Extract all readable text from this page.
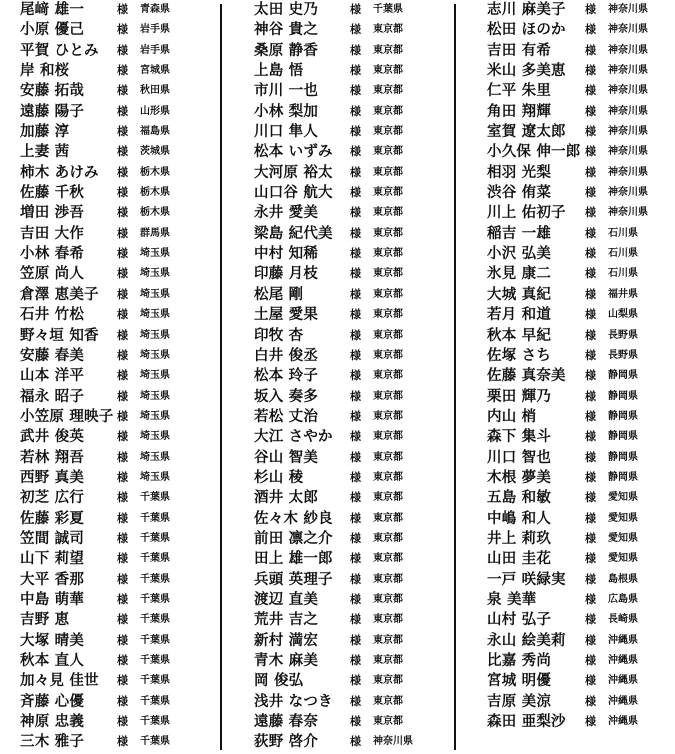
尾﨑 雄一	様 青森県
小原 優己	様 岩手県
平賀 ひとみ 様 岩手県
岸 和桜	様 宮城県
安藤 拓哉	様 秋田県
遠藤 陽子	様 山形県
加藤 淳	様 福島県
上妻 茜	様 茨城県
柿木 あけみ 様 栃木県
佐藤 千秋	様 栃木県
増田 渉吾	様 栃木県
吉田 大作	様 群馬県
小林 春希	様 埼玉県
笠原 尚人	様 埼玉県
倉澤 恵美子 様 埼玉県
石井 竹松	様 埼玉県
野々垣 知香 様 埼玉県
安藤 春美	様 埼玉県
山本 洋平	様 埼玉県
福永 昭子	様 埼玉県
小笠原 理映子 様 埼玉県
武井 俊英	様 埼玉県
若林 翔吾	様 埼玉県
西野 真美	様 埼玉県
初芝 広行	様 千葉県
佐藤 彩夏	様 千葉県
笠間 誠司	様 千葉県
山下 莉望	様 千葉県
大平 香那	様 千葉県
中島 萌華	様 千葉県
吉野 恵	様 千葉県
大塚 晴美	様 千葉県
秋本 直人	様 千葉県
加々見 佳世 様 千葉県
斉藤 心優	様 千葉県
神原 忠義	様 千葉県
三木 雅子	様 千葉県
太田 史乃	様 千葉県
神谷 貴之	様 東京都
桑原 静香	様 東京都
上島 悟	様 東京都
市川 一也	様 東京都
小林 梨加	様 東京都
川口 隼人	様 東京都
松本 いずみ 様 東京都
大河原 裕太 様 東京都
山口谷 航大 様 東京都
永井 愛美	様 東京都
梁島 紀代美 様 東京都
中村 知稀	様 東京都
印藤 月枝	様 東京都
松尾 剛	様 東京都
土屋 愛果	様 東京都
印牧 杏	様 東京都
白井 俊丞	様 東京都
松本 玲子	様 東京都
坂入 奏多	様 東京都
若松 丈治	様 東京都
大江 さやか 様 東京都
谷山 智美	様 東京都
杉山 稜	様 東京都
酒井 太郎	様 東京都
佐々木 紗良 様 東京都
前田 凛之介 様 東京都
田上 雄一郎 様 東京都
兵頭 英理子 様 東京都
渡辺 直美	様 東京都
荒井 吉之	様 東京都
新村 満宏	様 東京都
青木 麻美	様 東京都
岡 俊弘	様 東京都
浅井 なつき 様 東京都
遠藤 春奈	様 東京都
荻野 啓介	様 神奈川県
志川 麻美子 様 神奈川県
松田 ほのか 様 神奈川県
吉田 有希	様 神奈川県
米山 多美恵 様 神奈川県
仁平 朱里	様 神奈川県
角田 翔輝	様 神奈川県
室賀 遼太郎 様 神奈川県
小久保 伸一郎 様 神奈川県
相羽 光梨	様 神奈川県
渋谷 侑菜	様 神奈川県
川上 佑初子 様 神奈川県
稲吉 一雄	様 石川県
小沢 弘美	様 石川県
氷見 康二	様 石川県
大城 真紀	様 福井県
若月 和道	様 山梨県
秋本 早紀	様 長野県
佐塚 さち	様 長野県
佐藤 真奈美 様 静岡県
栗田 輝乃	様 静岡県
内山 梢	様 静岡県
森下 集斗	様 静岡県
川口 智也	様 静岡県
木根 夢美	様 静岡県
五島 和敏	様 愛知県
中嶋 和人	様 愛知県
井上 莉玖	様 愛知県
山田 圭花	様 愛知県
一戸 咲緑実 様 島根県
泉 美華	様 広島県
山村 弘子	様 長崎県
永山 絵美莉 様 沖縄県
比嘉 秀尚	様 沖縄県
宮城 明優	様 沖縄県
吉原 美涼	様 沖縄県
森田 亜梨沙 様 沖縄県
